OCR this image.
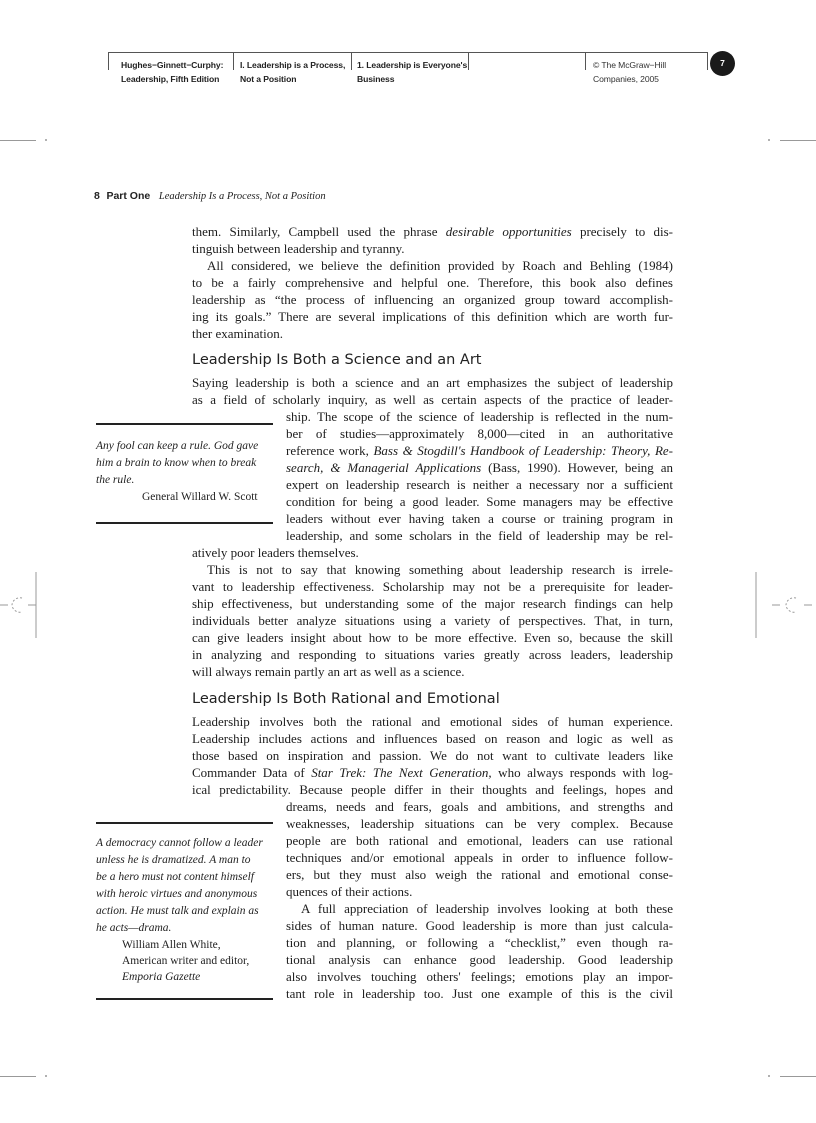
Hughes−Ginnett−Curphy:
Leadership, Fifth Edition
I. Leadership is a Process,
Not a Position
1. Leadership is Everyone's
Business
© The McGraw−Hill
Companies, 2005
7
8 Part One Leadership Is a Process, Not a Position
them. Similarly, Campbell used the phrase desirable opportunities precisely to dis-
tinguish between leadership and tyranny.
All considered, we believe the definition provided by Roach and Behling (1984)
to be a fairly comprehensive and helpful one. Therefore, this book also defines
leadership as “the process of influencing an organized group toward accomplish-
ing its goals.” There are several implications of this definition which are worth fur-
ther examination.
Leadership Is Both a Science and an Art
Saying leadership is both a science and an art emphasizes the subject of leadership
as a field of scholarly inquiry, as well as certain aspects of the practice of leader-
ship. The scope of the science of leadership is reflected in the num-
ber of studies—approximately 8,000—cited in an authoritative
reference work, Bass & Stogdill's Handbook of Leadership: Theory, Re-
search, & Managerial Applications (Bass, 1990). However, being an
expert on leadership research is neither a necessary nor a sufficient
condition for being a good leader. Some managers may be effective
leaders without ever having taken a course or training program in
leadership, and some scholars in the field of leadership may be rel-
atively poor leaders themselves.
Any fool can keep a rule. God gave
him a brain to know when to break
the rule.
General Willard W. Scott
This is not to say that knowing something about leadership research is irrele-
vant to leadership effectiveness. Scholarship may not be a prerequisite for leader-
ship effectiveness, but understanding some of the major research findings can help
individuals better analyze situations using a variety of perspectives. That, in turn,
can give leaders insight about how to be more effective. Even so, because the skill
in analyzing and responding to situations varies greatly across leaders, leadership
will always remain partly an art as well as a science.
Leadership Is Both Rational and Emotional
Leadership involves both the rational and emotional sides of human experience.
Leadership includes actions and influences based on reason and logic as well as
those based on inspiration and passion. We do not want to cultivate leaders like
Commander Data of Star Trek: The Next Generation, who always responds with log-
ical predictability. Because people differ in their thoughts and feelings, hopes and
dreams, needs and fears, goals and ambitions, and strengths and
weaknesses, leadership situations can be very complex. Because
people are both rational and emotional, leaders can use rational
techniques and/or emotional appeals in order to influence follow-
ers, but they must also weigh the rational and emotional conse-
quences of their actions.
A full appreciation of leadership involves looking at both these
sides of human nature. Good leadership is more than just calcula-
tion and planning, or following a “checklist,” even though ra-
tional analysis can enhance good leadership. Good leadership
also involves touching others' feelings; emotions play an impor-
tant role in leadership too. Just one example of this is the civil
A democracy cannot follow a leader
unless he is dramatized. A man to
be a hero must not content himself
with heroic virtues and anonymous
action. He must talk and explain as
he acts—drama.
William Allen White,
American writer and editor,
Emporia Gazette
